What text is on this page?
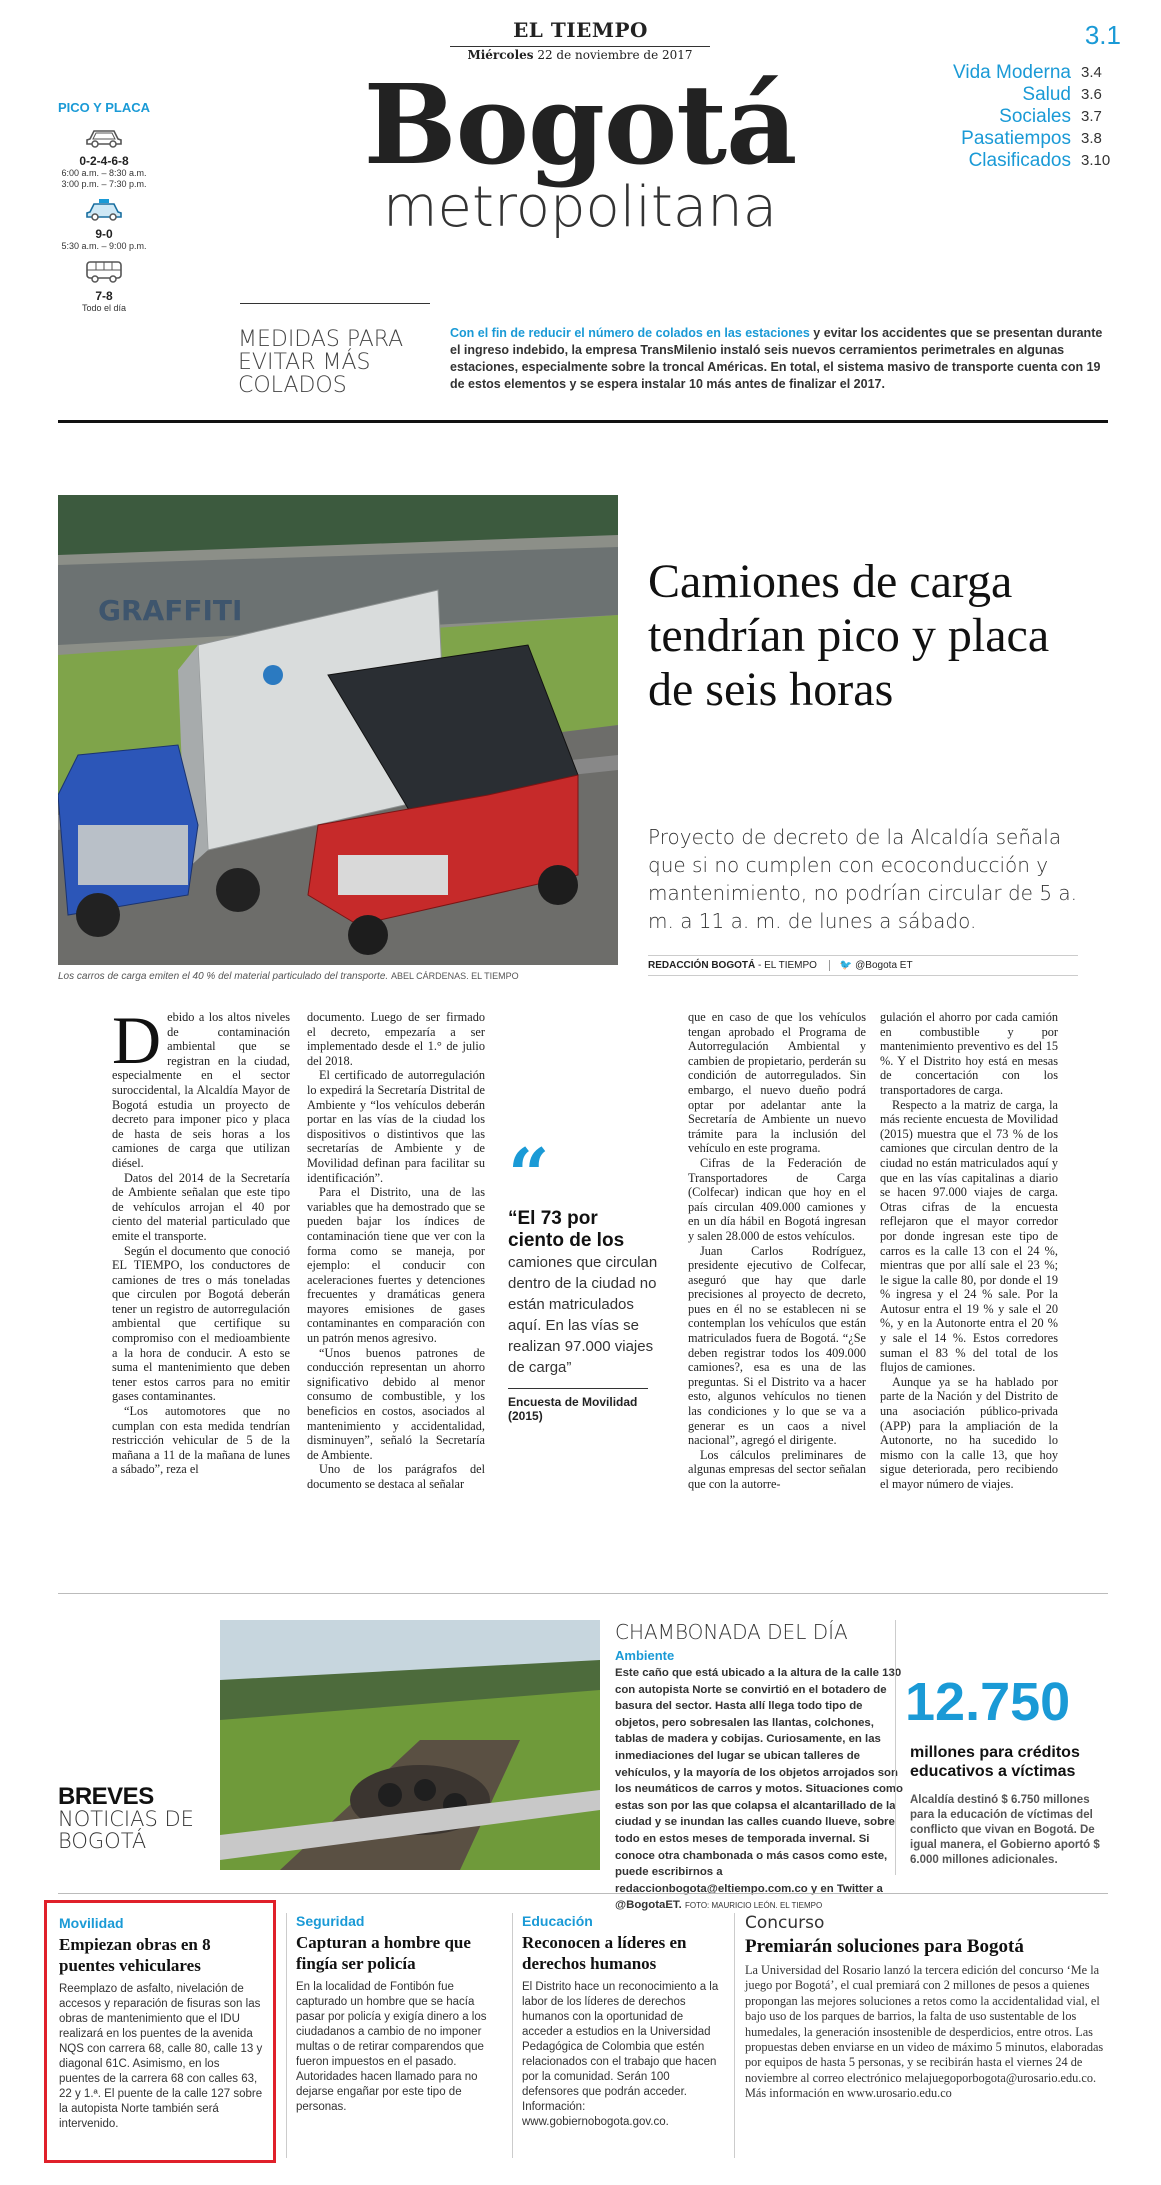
EL TIEMPO
Miércoles 22 de noviembre de 2017
3.1
Bogotá
metropolitana
Vida Moderna 3.4
Salud 3.6
Sociales 3.7
Pasatiempos 3.8
Clasificados 3.10
PICO Y PLACA
0-2-4-6-8
6:00 a.m. – 8:30 a.m.
3:00 p.m. – 7:30 p.m.
9-0
5:30 a.m. – 9:00 p.m.
7-8
Todo el día
MEDIDAS PARA EVITAR MÁS COLADOS
Con el fin de reducir el número de colados en las estaciones y evitar los accidentes que se presentan durante el ingreso indebido, la empresa TransMilenio instaló seis nuevos cerramientos perimetrales en algunas estaciones, especialmente sobre la troncal Américas. En total, el sistema masivo de transporte cuenta con 19 de estos elementos y se espera instalar 10 más antes de finalizar el 2017.
GRAFFITI
Los carros de carga emiten el 40 % del material particulado del transporte. ABEL CÁRDENAS. EL TIEMPO
Camiones de carga tendrían pico y placa de seis horas
Proyecto de decreto de la Alcaldía señala que si no cumplen con ecoconducción y mantenimiento, no podrían circular de 5 a. m. a 11 a. m. de lunes a sábado.
REDACCIÓN BOGOTÁ - EL TIEMPO	🐦 @Bogota ET

Debido a los altos niveles de contaminación ambiental que se registran en la ciudad, especialmente en el sector suroccidental, la Alcaldía Mayor de Bogotá estudia un proyecto de decreto para imponer pico y placa de hasta de seis horas a los camiones de carga que utilizan diésel.

Datos del 2014 de la Secretaría de Ambiente señalan que este tipo de vehículos arrojan el 40 por ciento del material particulado que emite el transporte.

Según el documento que conoció EL TIEMPO, los conductores de camiones de tres o más toneladas que circulen por Bogotá deberán tener un registro de autorregulación ambiental que certifique su compromiso con el medioambiente a la hora de conducir. A esto se suma el mantenimiento que deben tener estos carros para no emitir gases contaminantes.

“Los automotores que no cumplan con esta medida tendrían restricción vehicular de 5 de la mañana a 11 de la mañana de lunes a sábado”, reza el

documento. Luego de ser firmado el decreto, empezaría a ser implementado desde el 1.° de julio del 2018.

El certificado de autorregulación lo expedirá la Secretaría Distrital de Ambiente y “los vehículos deberán portar en las vías de la ciudad los dispositivos o distintivos que las secretarías de Ambiente y de Movilidad definan para facilitar su identificación”.

Para el Distrito, una de las variables que ha demostrado que se pueden bajar los índices de contaminación tiene que ver con la forma como se maneja, por ejemplo: el conducir con aceleraciones fuertes y detenciones frecuentes y dramáticas genera mayores emisiones de gases contaminantes en comparación con un patrón menos agresivo.

“Unos buenos patrones de conducción representan un ahorro significativo debido al menor consumo de combustible, y los beneficios en costos, asociados al mantenimiento y accidentalidad, disminuyen”, señaló la Secretaría de Ambiente.

Uno de los parágrafos del documento se destaca al señalar

“
“El 73 por ciento de los
camiones que circulan dentro de la ciudad no están matriculados aquí. En las vías se realizan 97.000 viajes de carga”
Encuesta de Movilidad (2015)

que en caso de que los vehículos tengan aprobado el Programa de Autorregulación Ambiental y cambien de propietario, perderán su condición de autorregulados. Sin embargo, el nuevo dueño podrá optar por adelantar ante la Secretaría de Ambiente un nuevo trámite para la inclusión del vehículo en este programa.

Cifras de la Federación de Transportadores de Carga (Colfecar) indican que hoy en el país circulan 409.000 camiones y en un día hábil en Bogotá ingresan y salen 28.000 de estos vehículos.

Juan Carlos Rodríguez, presidente ejecutivo de Colfecar, aseguró que hay que darle precisiones al proyecto de decreto, pues en él no se establecen ni se contemplan los vehículos que están matriculados fuera de Bogotá. “¿Se deben registrar todos los 409.000 camiones?, esa es una de las preguntas. Si el Distrito va a hacer esto, algunos vehículos no tienen las condiciones y lo que se va a generar es un caos a nivel nacional”, agregó el dirigente.

Los cálculos preliminares de algunas empresas del sector señalan que con la autorre-

gulación el ahorro por cada camión en combustible y por mantenimiento preventivo es del 15 %. Y el Distrito hoy está en mesas de concertación con los transportadores de carga.

Respecto a la matriz de carga, la más reciente encuesta de Movilidad (2015) muestra que el 73 % de los camiones que circulan dentro de la ciudad no están matriculados aquí y que en las vías capitalinas a diario se hacen 97.000 viajes de carga. Otras cifras de la encuesta reflejaron que el mayor corredor por donde ingresan este tipo de carros es la calle 13 con el 24 %, mientras que por allí sale el 23 %; le sigue la calle 80, por donde el 19 % ingresa y el 24 % sale. Por la Autosur entra el 19 % y sale el 20 %, y en la Autonorte entra el 20 % y sale el 14 %. Estos corredores suman el 83 % del total de los flujos de camiones.

Aunque ya se ha hablado por parte de la Nación y del Distrito de una asociación público-privada (APP) para la ampliación de la Autonorte, no ha sucedido lo mismo con la calle 13, que hoy sigue deteriorada, pero recibiendo el mayor número de viajes.

BREVES
NOTICIAS DE BOGOTÁ
CHAMBONADA DEL DÍA
Ambiente
Este caño que está ubicado a la altura de la calle 130 con autopista Norte se convirtió en el botadero de basura del sector. Hasta allí llega todo tipo de objetos, pero sobresalen las llantas, colchones, tablas de madera y cobijas. Curiosamente, en las inmediaciones del lugar se ubican talleres de vehículos, y la mayoría de los objetos arrojados son los neumáticos de carros y motos. Situaciones como estas son por las que colapsa el alcantarillado de la ciudad y se inundan las calles cuando llueve, sobre todo en estos meses de temporada invernal. Si conoce otra chambonada o más casos como este, puede escribirnos a redaccionbogota@eltiempo.com.co y en Twitter a @BogotaET. FOTO: MAURICIO LEÓN. EL TIEMPO
12.750
millones para créditos educativos a víctimas
Alcaldía destinó $ 6.750 millones para la educación de víctimas del conflicto que vivan en Bogotá. De igual manera, el Gobierno aportó $ 6.000 millones adicionales.
Movilidad
Empiezan obras en 8 puentes vehiculares
Reemplazo de asfalto, nivelación de accesos y reparación de fisuras son las obras de mantenimiento que el IDU realizará en los puentes de la avenida NQS con carrera 68, calle 80, calle 13 y diagonal 61C. Asimismo, en los puentes de la carrera 68 con calles 63, 22 y 1.ª. El puente de la calle 127 sobre la autopista Norte también será intervenido.
Seguridad
Capturan a hombre que fingía ser policía
En la localidad de Fontibón fue capturado un hombre que se hacía pasar por policía y exigía dinero a los ciudadanos a cambio de no imponer multas o de retirar comparendos que fueron impuestos en el pasado. Autoridades hacen llamado para no dejarse engañar por este tipo de personas.
Educación
Reconocen a líderes en derechos humanos
El Distrito hace un reconocimiento a la labor de los líderes de derechos humanos con la oportunidad de acceder a estudios en la Universidad Pedagógica de Colombia que estén relacionados con el trabajo que hacen por la comunidad. Serán 100 defensores que podrán acceder. Información: www.gobiernobogota.gov.co.
Concurso
Premiarán soluciones para Bogotá
La Universidad del Rosario lanzó la tercera edición del concurso ‘Me la juego por Bogotá’, el cual premiará con 2 millones de pesos a quienes propongan las mejores soluciones a retos como la accidentalidad vial, el bajo uso de los parques de barrios, la falta de uso sustentable de los humedales, la generación insostenible de desperdicios, entre otros. Las propuestas deben enviarse en un video de máximo 5 minutos, elaboradas por equipos de hasta 5 personas, y se recibirán hasta el viernes 24 de noviembre al correo electrónico melajuegoporbogota@urosario.edu.co. Más información en www.urosario.edu.co
